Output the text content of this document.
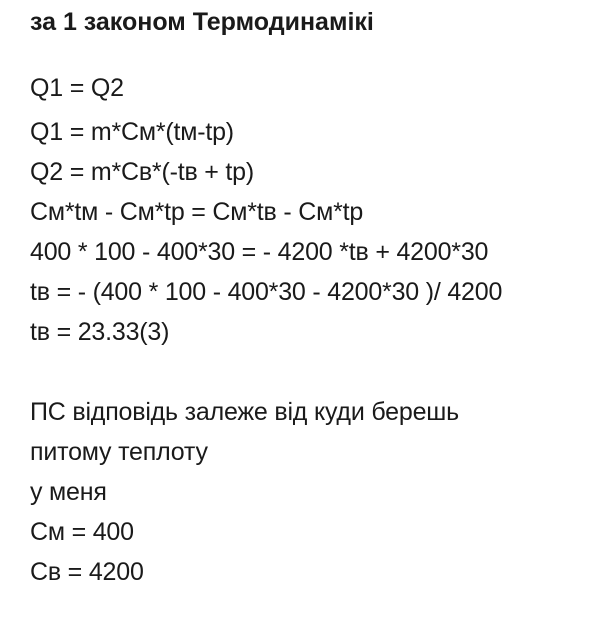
за 1 законом Термодинамікі
Q1 = Q2
Q1 = m*Cм*(tм-tр)
Q2 = m*Cв*(-tв + tр)
Cм*tм - Cм*tр = Cм*tв - Cм*tр
400 * 100 - 400*30 = - 4200 *tв + 4200*30
tв = - (400 * 100 - 400*30 - 4200*30 )/ 4200
tв = 23.33(3)
ПС відповідь залеже від куди берешь
питому теплоту
у меня
См = 400
Св = 4200
